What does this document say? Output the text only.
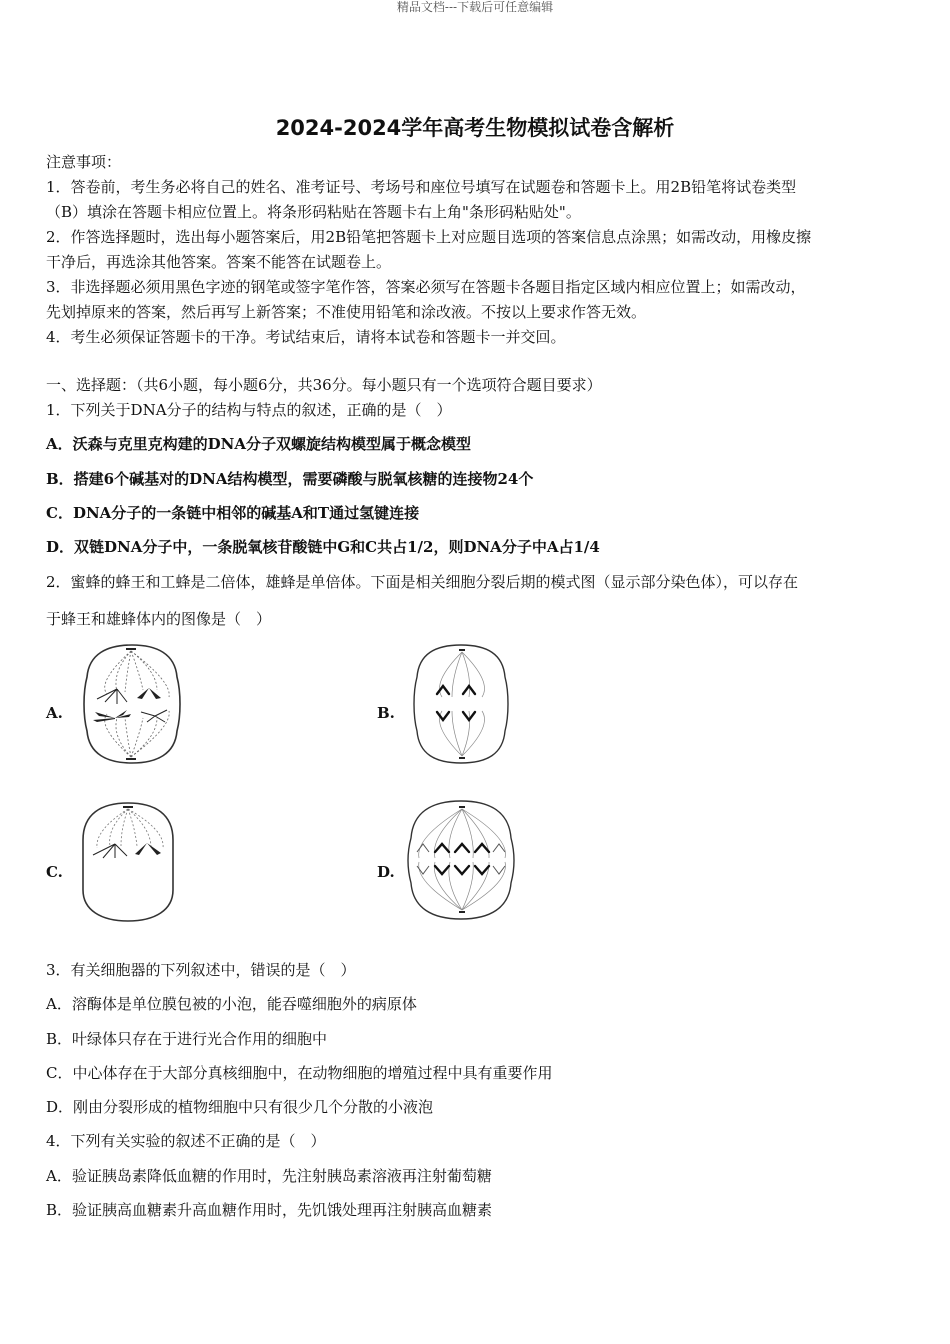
精品文档---下载后可任意编辑
2024-2024学年高考生物模拟试卷含解析
注意事项：
1．答卷前，考生务必将自己的姓名、准考证号、考场号和座位号填写在试题卷和答题卡上。用2B铅笔将试卷类型
（B）填涂在答题卡相应位置上。将条形码粘贴在答题卡右上角"条形码粘贴处"。
2．作答选择题时，选出每小题答案后，用2B铅笔把答题卡上对应题目选项的答案信息点涂黑；如需改动，用橡皮擦
干净后，再选涂其他答案。答案不能答在试题卷上。
3．非选择题必须用黑色字迹的钢笔或签字笔作答，答案必须写在答题卡各题目指定区域内相应位置上；如需改动，
先划掉原来的答案，然后再写上新答案；不准使用铅笔和涂改液。不按以上要求作答无效。
4．考生必须保证答题卡的干净。考试结束后，请将本试卷和答题卡一并交回。
一、选择题：（共6小题，每小题6分，共36分。每小题只有一个选项符合题目要求）
1．下列关于DNA分子的结构与特点的叙述，正确的是（　）
A．沃森与克里克构建的DNA分子双螺旋结构模型属于概念模型
B．搭建6个碱基对的DNA结构模型，需要磷酸与脱氧核糖的连接物24个
C．DNA分子的一条链中相邻的碱基A和T通过氢键连接
D．双链DNA分子中，一条脱氧核苷酸链中G和C共占1/2，则DNA分子中A占1/4
2．蜜蜂的蜂王和工蜂是二倍体，雄蜂是单倍体。下面是相关细胞分裂后期的模式图（显示部分染色体），可以存在
于蜂王和雄蜂体内的图像是（　）
A.	B.
C.	D.
3．有关细胞器的下列叙述中，错误的是（　）
A．溶酶体是单位膜包被的小泡，能吞噬细胞外的病原体
B．叶绿体只存在于进行光合作用的细胞中
C．中心体存在于大部分真核细胞中，在动物细胞的增殖过程中具有重要作用
D．刚由分裂形成的植物细胞中只有很少几个分散的小液泡
4．下列有关实验的叙述不正确的是（　）
A．验证胰岛素降低血糖的作用时，先注射胰岛素溶液再注射葡萄糖
B．验证胰高血糖素升高血糖作用时，先饥饿处理再注射胰高血糖素
